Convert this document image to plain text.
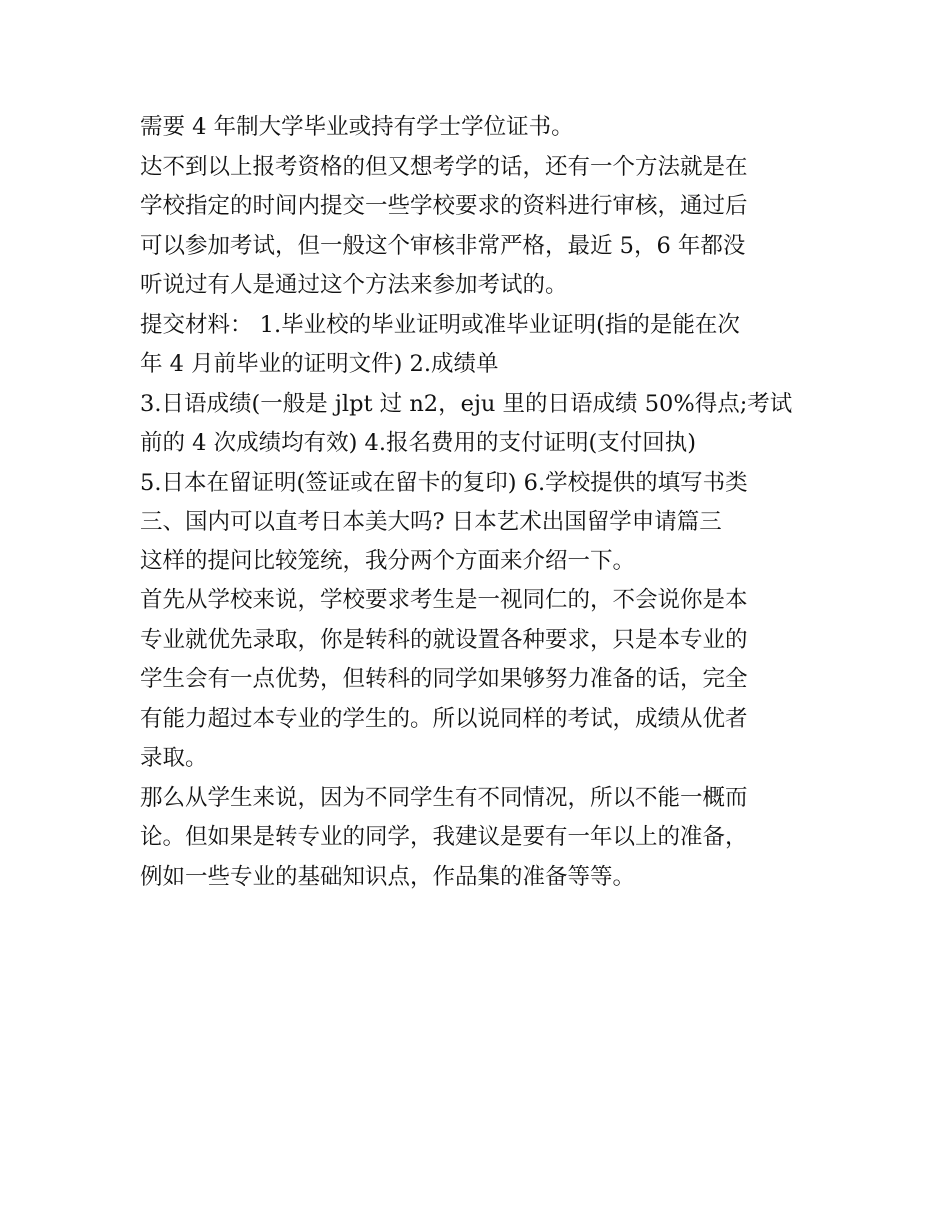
需要 4 年制大学毕业或持有学士学位证书。
达不到以上报考资格的但又想考学的话，还有一个方法就是在
学校指定的时间内提交一些学校要求的资料进行审核，通过后
可以参加考试，但一般这个审核非常严格，最近 5，6 年都没
听说过有人是通过这个方法来参加考试的。
提交材料： 1.毕业校的毕业证明或准毕业证明(指的是能在次
年 4 月前毕业的证明文件) 2.成绩单
3.日语成绩(一般是 jlpt 过 n2，eju 里的日语成绩 50%得点;考试
前的 4 次成绩均有效) 4.报名费用的支付证明(支付回执)
5.日本在留证明(签证或在留卡的复印) 6.学校提供的填写书类
三、国内可以直考日本美大吗? 日本艺术出国留学申请篇三
这样的提问比较笼统，我分两个方面来介绍一下。
首先从学校来说，学校要求考生是一视同仁的，不会说你是本
专业就优先录取，你是转科的就设置各种要求，只是本专业的
学生会有一点优势，但转科的同学如果够努力准备的话，完全
有能力超过本专业的学生的。所以说同样的考试，成绩从优者
录取。
那么从学生来说，因为不同学生有不同情况，所以不能一概而
论。但如果是转专业的同学，我建议是要有一年以上的准备，
例如一些专业的基础知识点，作品集的准备等等。
